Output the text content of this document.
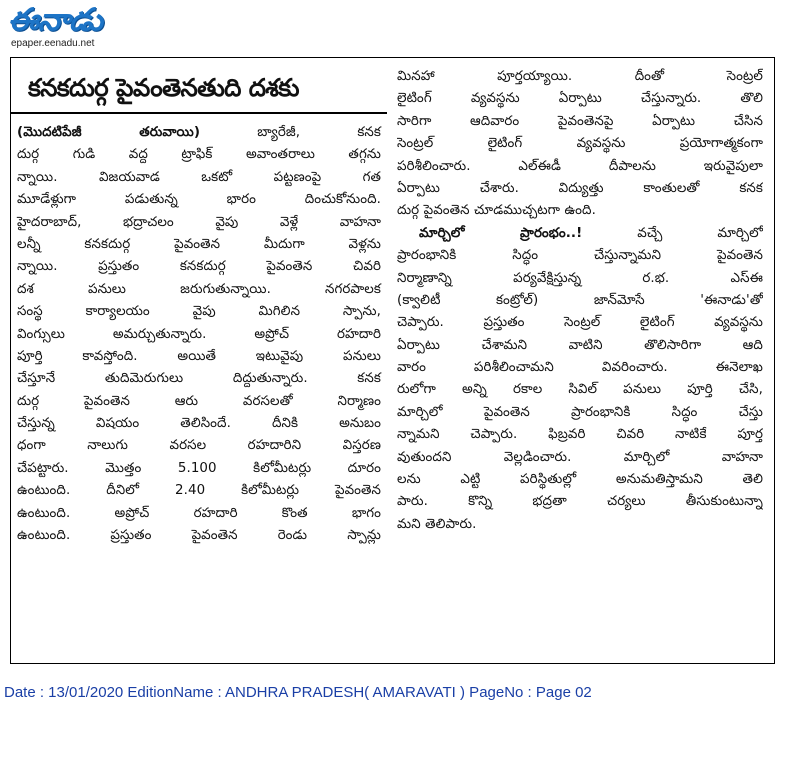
ఈనాడు
epaper.eenadu.net
కనకదుర్గ పైవంతెనతుది దశకు
(మొదటిపేజీ తరువాయి)	బ్యారేజీ, కనక
దుర్గ గుడి వద్ద ట్రాఫిక్ అవాంతరాలు తగ్గను
న్నాయి. విజయవాడ ఒకటో పట్టణంపై గత
మూడేళ్లుగా పడుతున్న భారం దించుకోనుంది.
హైదరాబాద్, భద్రాచలం వైపు వెళ్లే వాహనా
లన్నీ కనకదుర్గ పైవంతెన మీదుగా వెళ్లను
న్నాయి. ప్రస్తుతం కనకదుర్గ పైవంతెన చివరి
దశ పనులు జరుగుతున్నాయి. నగరపాలక
సంస్థ కార్యాలయం వైపు మిగిలిన స్పాను,
వింగ్సులు అమర్చుతున్నారు. అప్రోచ్ రహదారి
పూర్తి కావస్తోంది. అయితే ఇటువైపు పనులు
చేస్తూనే తుదిమెరుగులు దిద్దుతున్నారు. కనక
దుర్గ పైవంతెన ఆరు వరసలతో నిర్మాణం
చేస్తున్న విషయం తెలిసిందే. దీనికి అనుబం
ధంగా నాలుగు వరసల రహదారిని విస్తరణ
చేపట్టారు. మొత్తం 5.100 కిలోమీటర్లు దూరం
ఉంటుంది. దీనిలో 2.40 కిలోమీటర్లు పైవంతెన
ఉంటుంది. అప్రోచ్ రహదారి కొంత భాగం
ఉంటుంది. ప్రస్తుతం పైవంతెన రెండు స్పాన్లు
మినహా పూర్తయ్యాయి. దీంతో సెంట్రల్
లైటింగ్ వ్యవస్థను ఏర్పాటు చేస్తున్నారు. తొలి
సారిగా ఆదివారం పైవంతెనపై ఏర్పాటు చేసిన
సెంట్రల్ లైటింగ్ వ్యవస్థను ప్రయోగాత్మకంగా
పరిశీలించారు. ఎల్ఈడీ దీపాలను ఇరువైపులా
ఏర్పాటు చేశారు. విద్యుత్తు కాంతులతో కనక
దుర్గ పైవంతెన చూడముచ్చటగా ఉంది.
మార్చిలో ప్రారంభం..!	వచ్చే మార్చిలో
ప్రారంభానికి సిద్ధం చేస్తున్నామని పైవంతెన
నిర్మాణాన్ని పర్యవేక్షిస్తున్న ర.భ. ఎస్ఈ
(క్వాలిటీ కంట్రోల్) జాన్‌మోసే 'ఈనాడు'తో
చెప్పారు. ప్రస్తుతం సెంట్రల్ లైటింగ్ వ్యవస్థను
ఏర్పాటు చేశామని వాటిని తొలిసారిగా ఆది
వారం పరిశీలించామని వివరించారు. ఈనెలాఖ
రులోగా అన్ని రకాల సివిల్ పనులు పూర్తి చేసి,
మార్చిలో పైవంతెన ప్రారంభానికి సిద్ధం చేస్తు
న్నామని చెప్పారు. ఫిబ్రవరి చివరి నాటికే పూర్త
వుతుందని వెల్లడించారు. మార్చిలో వాహనా
లను ఎట్టి పరిస్థితుల్లో అనుమతిస్తామని తెలి
పారు. కొన్ని భద్రతా చర్యలు తీసుకుంటున్నా
మని తెలిపారు.
Date : 13/01/2020 EditionName : ANDHRA PRADESH( AMARAVATI ) PageNo : Page 02
